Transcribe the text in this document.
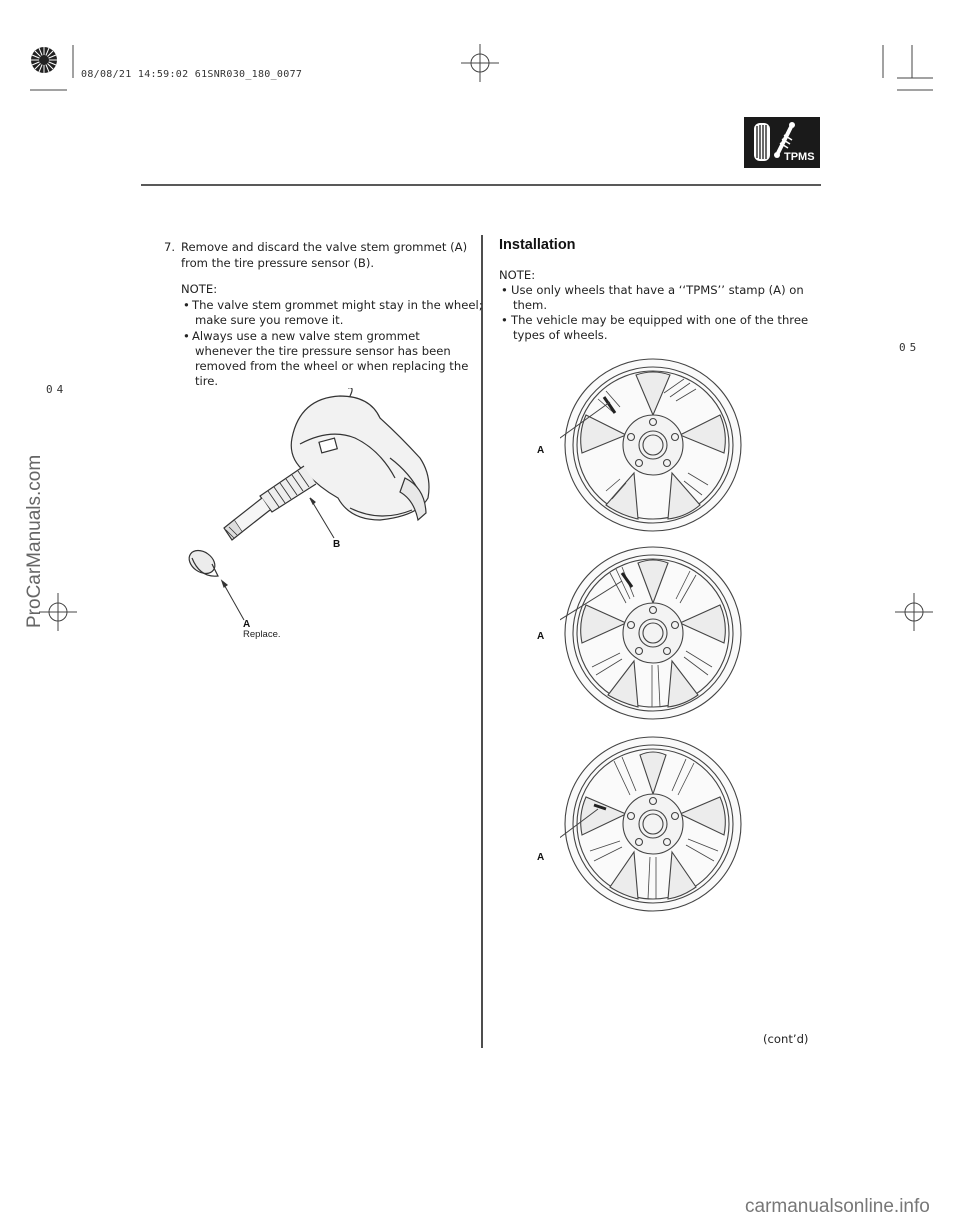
08/08/21 14:59:02 61SNR030_180_0077
TPMS
7. Remove and discard the valve stem grommet (A)
from the tire pressure sensor (B).
NOTE:
• The valve stem grommet might stay in the wheel;
make sure you remove it.
• Always use a new valve stem grommet
whenever the tire pressure sensor has been
removed from the wheel or when replacing the
tire.
B
A
Replace.
Installation
NOTE:
• Use only wheels that have a ‘‘TPMS’’ stamp (A) on
them.
• The vehicle may be equipped with one of the three
types of wheels.
A
A
A
(cont’d)
04
05
ProCarManuals.com
carmanualsonline.info
